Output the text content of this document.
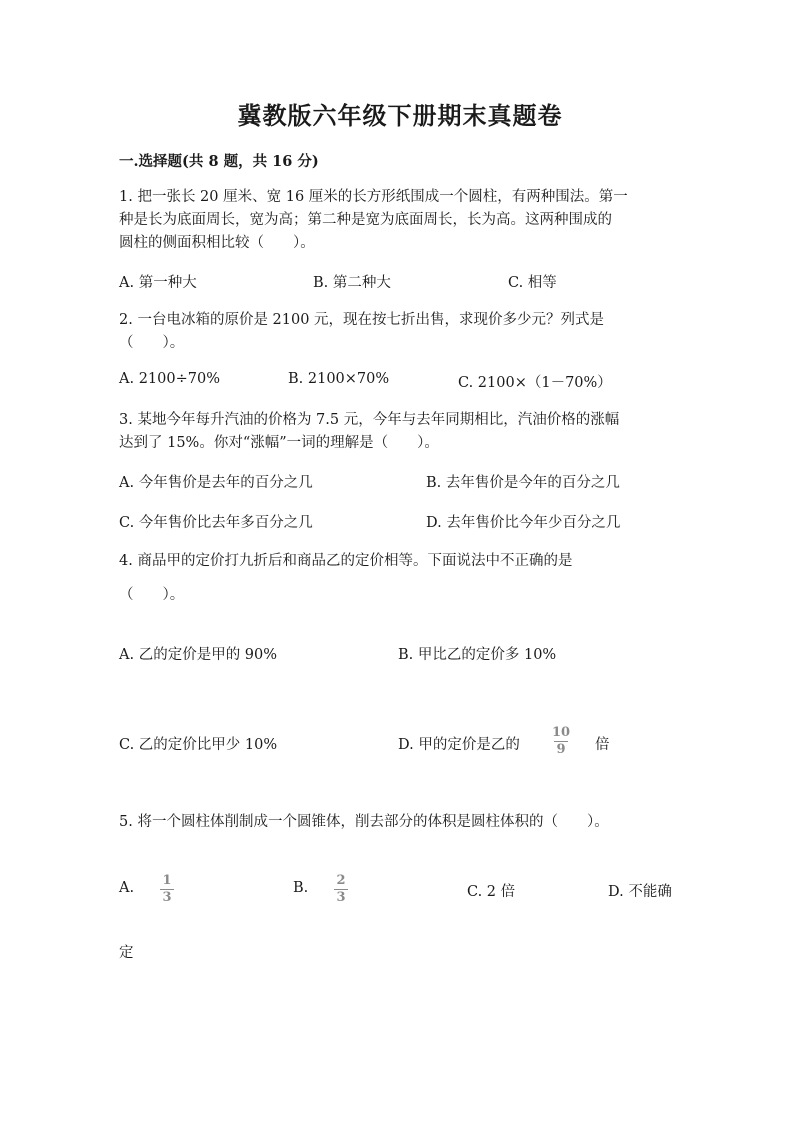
冀教版六年级下册期末真题卷
一.选择题(共 8 题，共 16 分)
1. 把一张长 20 厘米、宽 16 厘米的长方形纸围成一个圆柱，有两种围法。第一
种是长为底面周长，宽为高；第二种是宽为底面周长，长为高。这两种围成的
圆柱的侧面积相比较（　　）。
A. 第一种大	B. 第二种大	C. 相等
2. 一台电冰箱的原价是 2100 元，现在按七折出售，求现价多少元？列式是
（　　）。
A. 2100÷70%	B. 2100×70%	C. 2100×（1－70%）
3. 某地今年每升汽油的价格为 7.5 元，今年与去年同期相比，汽油价格的涨幅
达到了 15%。你对“涨幅”一词的理解是（　　）。
A. 今年售价是去年的百分之几	B. 去年售价是今年的百分之几
C. 今年售价比去年多百分之几	D. 去年售价比今年少百分之几
4. 商品甲的定价打九折后和商品乙的定价相等。下面说法中不正确的是
（　　）。
A. 乙的定价是甲的 90%	B. 甲比乙的定价多 10%
C. 乙的定价比甲少 10%	D. 甲的定价是乙的
10
9 倍
5. 将一个圆柱体削制成一个圆锥体，削去部分的体积是圆柱体积的（　　）。
A. 1
3
B. 2
3	C. 2 倍	D. 不能确
定
